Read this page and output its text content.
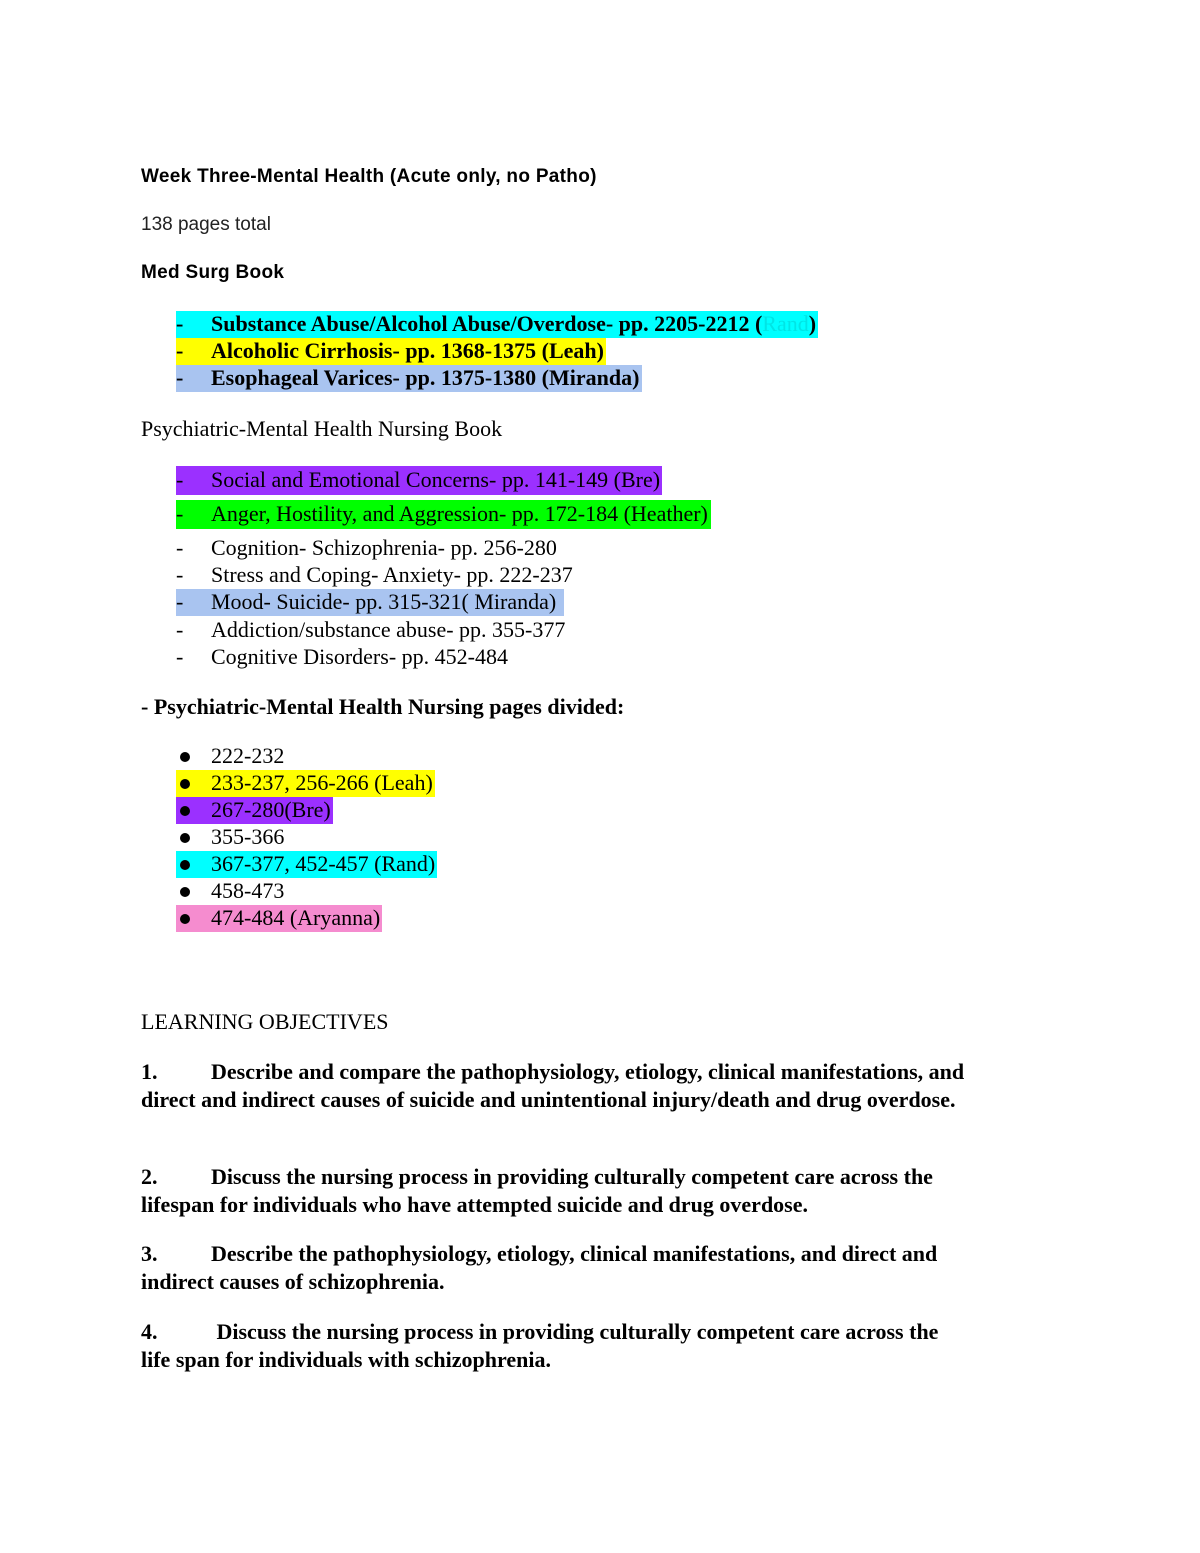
Week Three-Mental Health (Acute only, no Patho)
138 pages total
Med Surg Book
-	Substance Abuse/Alcohol Abuse/Overdose- pp. 2205-2212 (Rand)
-	Alcoholic Cirrhosis- pp. 1368-1375 (Leah)
-	Esophageal Varices- pp. 1375-1380 (Miranda)
Psychiatric-Mental Health Nursing Book
-	Social and Emotional Concerns- pp. 141-149 (Bre)
-	Anger, Hostility, and Aggression- pp. 172-184 (Heather)
-	Cognition- Schizophrenia- pp. 256-280
-	Stress and Coping- Anxiety- pp. 222-237
-	Mood- Suicide- pp. 315-321( Miranda)
-	Addiction/substance abuse- pp. 355-377
-	Cognitive Disorders- pp. 452-484
- Psychiatric-Mental Health Nursing pages divided:
222-232
233-237, 256-266 (Leah)
267-280(Bre)
355-366
367-377, 452-457 (Rand)
458-473
474-484 (Aryanna)
LEARNING OBJECTIVES
1. Describe and compare the pathophysiology, etiology, clinical manifestations, and direct and indirect causes of suicide and unintentional injury/death and drug overdose.
2. Discuss the nursing process in providing culturally competent care across the lifespan for individuals who have attempted suicide and drug overdose.
3. Describe the pathophysiology, etiology, clinical manifestations, and direct and indirect causes of schizophrenia.
4. Discuss the nursing process in providing culturally competent care across the life span for individuals with schizophrenia.
